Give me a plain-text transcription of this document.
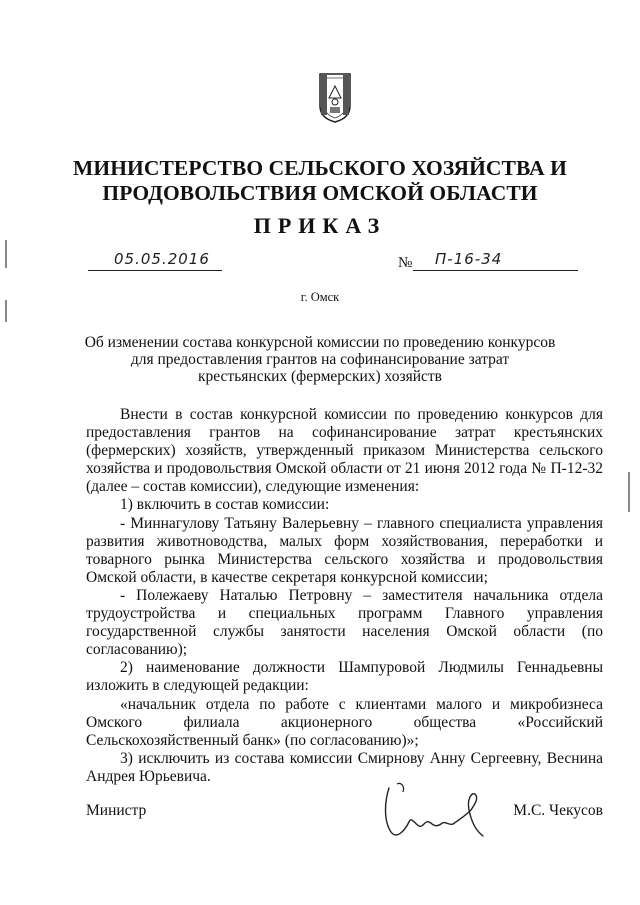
МИНИСТЕРСТВО СЕЛЬСКОГО ХОЗЯЙСТВА И
ПРОДОВОЛЬСТВИЯ ОМСКОЙ ОБЛАСТИ
ПРИКАЗ
05.05.2016	№ П-16-34
г. Омск
Об изменении состава конкурсной комиссии по проведению конкурсов
для предоставления грантов на софинансирование затрат
крестьянских (фермерских) хозяйств

Внести в состав конкурсной комиссии по проведению конкурсов для предоставления грантов на софинансирование затрат крестьянских (фермерских) хозяйств, утвержденный приказом Министерства сельского хозяйства и продовольствия Омской области от 21 июня 2012 года № П-12-32 (далее – состав комиссии), следующие изменения:

1) включить в состав комиссии:

- Миннагулову Татьяну Валерьевну – главного специалиста управления развития животноводства, малых форм хозяйствования, переработки и товарного рынка Министерства сельского хозяйства и продовольствия Омской области, в качестве секретаря конкурсной комиссии;

- Полежаеву Наталью Петровну – заместителя начальника отдела трудоустройства и специальных программ Главного управления государственной службы занятости населения Омской области (по согласованию);

2) наименование должности Шампуровой Людмилы Геннадьевны изложить в следующей редакции:

«начальник отдела по работе с клиентами малого и микробизнеса Омского филиала акционерного общества «Российский Сельскохозяйственный банк» (по согласованию)»;

3) исключить из состава комиссии Смирнову Анну Сергеевну, Веснина Андрея Юрьевича.

Министр	М.С. Чекусов
